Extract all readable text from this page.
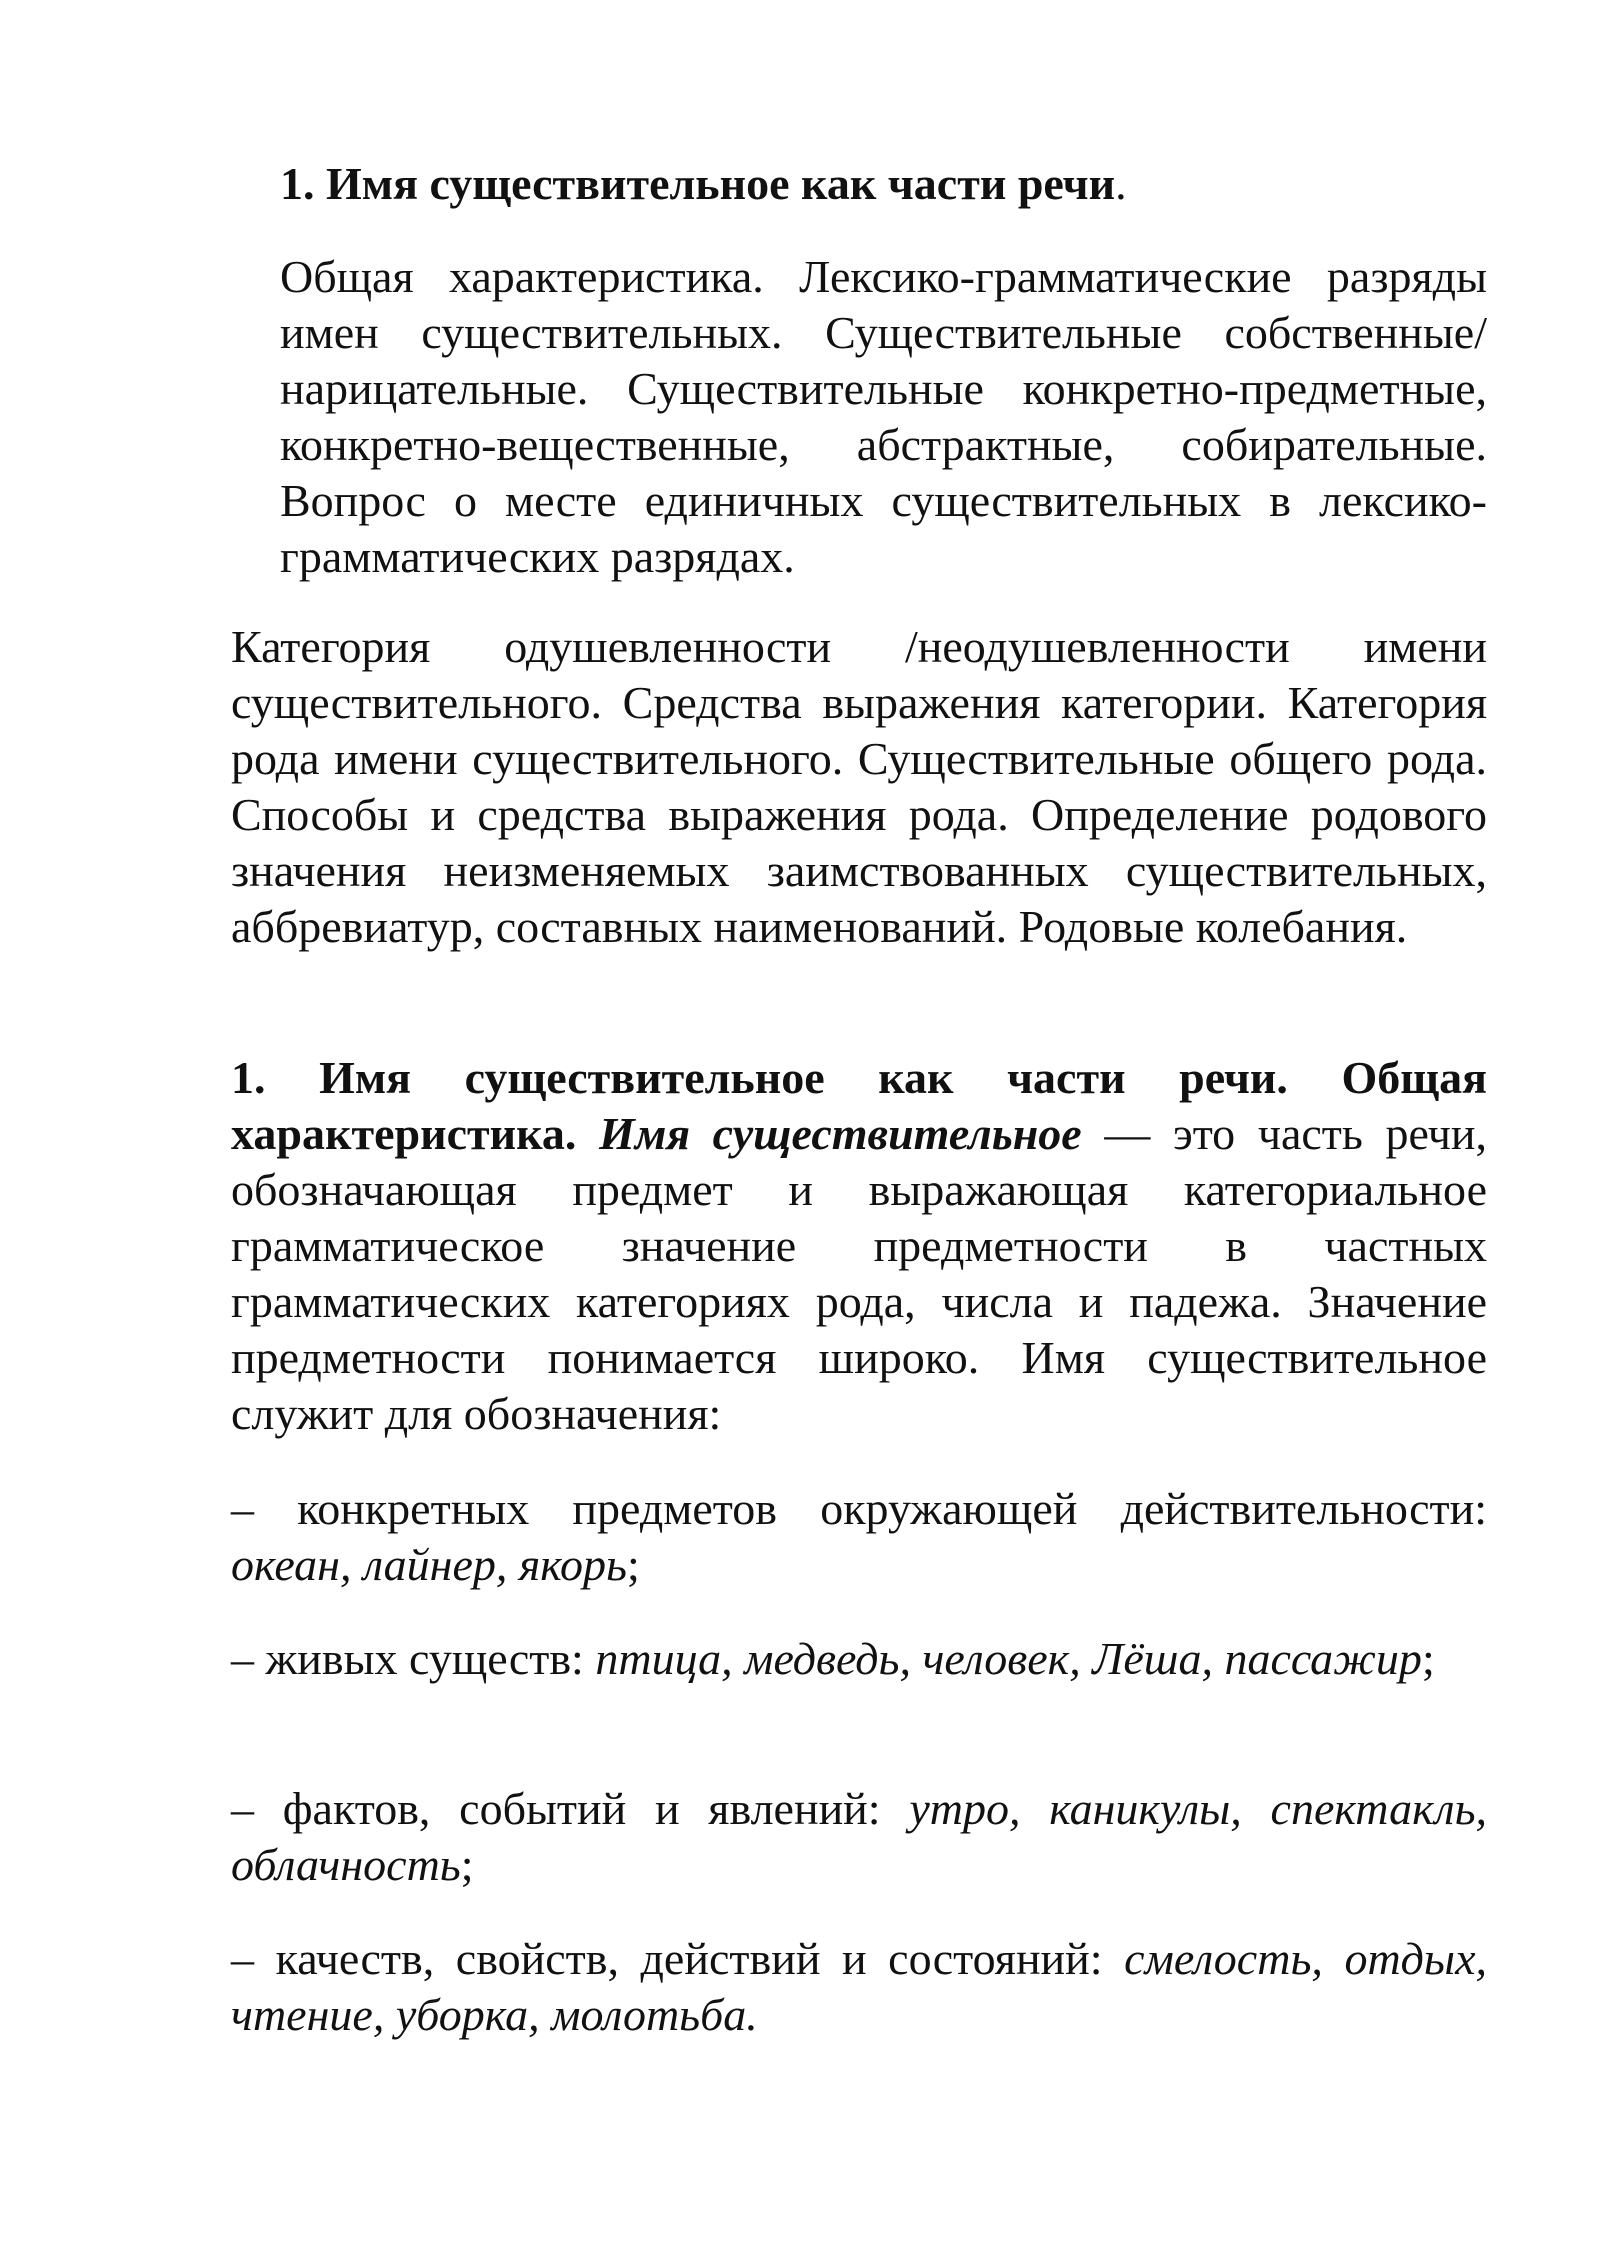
1. Имя существительное как части речи.

Общая характеристика. Лексико-грамматические разряды имен существительных. Существительные собственные/нарицательные. Существительные конкретно-предметные, конкретно-вещественные, абстрактные, собирательные. Вопрос о месте единичных существительных в лексико-грамматических разрядах.

Категория одушевленности /неодушевленности имени существительного. Средства выражения категории. Категория рода имени существительного. Существительные общего рода. Способы и средства выражения рода. Определение родового значения неизменяемых заимствованных существительных, аббревиатур, составных наименований. Родовые колебания.

1. Имя существительное как части речи. Общая характеристика. Имя существительное — это часть речи, обозначающая предмет и выражающая категориальное грамматическое значение предметности в частных грамматических категориях рода, числа и падежа. Значение предметности понимается широко. Имя существительное служит для обозначения:

– конкретных предметов окружающей действительности: океан, лайнер, якорь;

– живых существ: птица, медведь, человек, Лёша, пассажир;

– фактов, событий и явлений: утро, каникулы, спектакль, облачность;

– качеств, свойств, действий и состояний: смелость, отдых, чтение, уборка, молотьба.
